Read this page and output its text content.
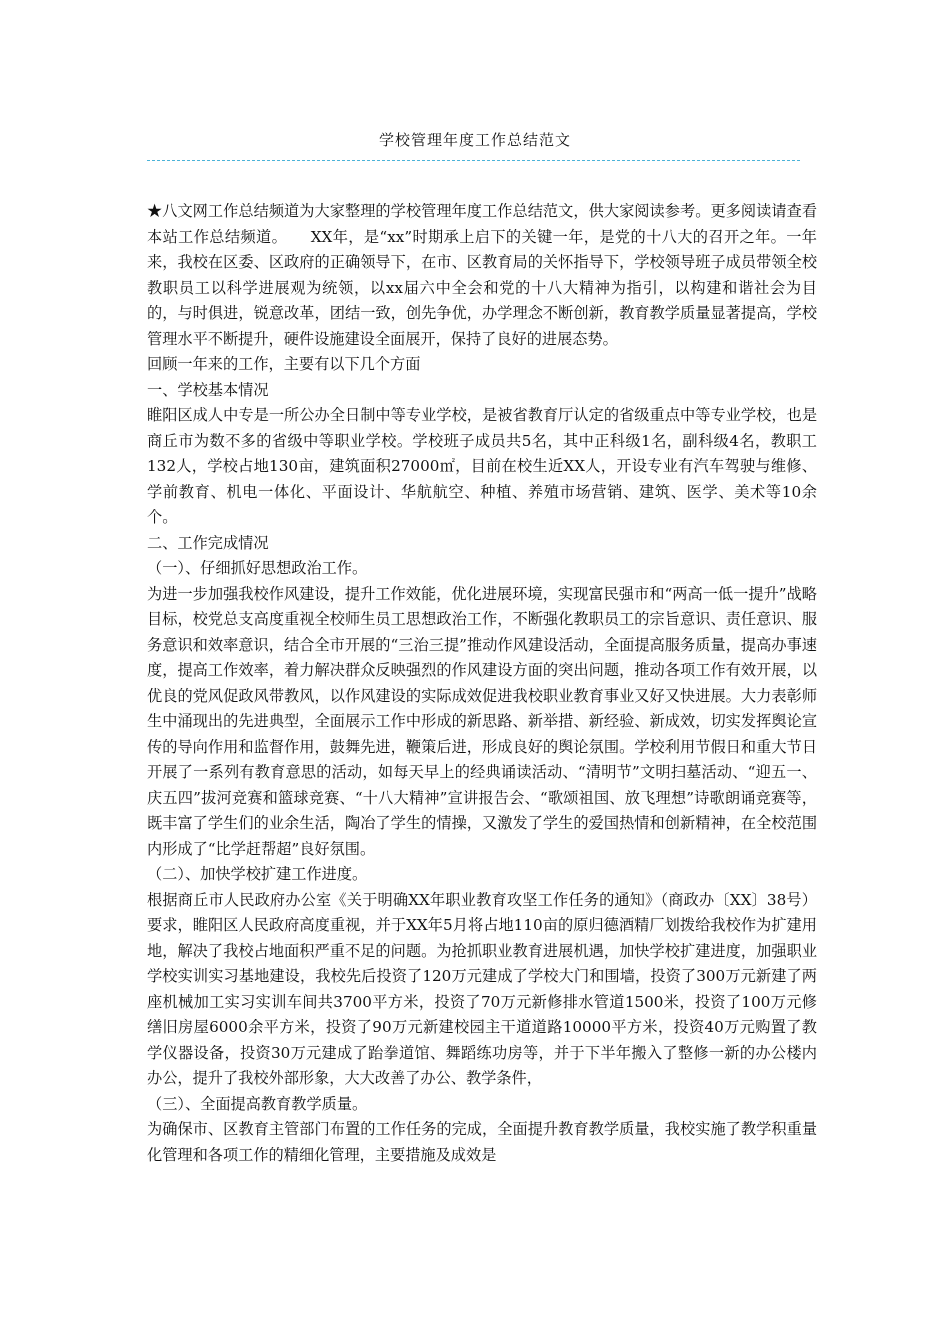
学校管理年度工作总结范文

★八文网工作总结频道为大家整理的学校管理年度工作总结范文，供大家阅读参考。更多阅读请查看本站工作总结频道。　　XX年，是“xx”时期承上启下的关键一年，是党的十八大的召开之年。一年来，我校在区委、区政府的正确领导下，在市、区教育局的关怀指导下，学校领导班子成员带领全校教职员工以科学进展观为统领，以xx届六中全会和党的十八大精神为指引，以构建和谐社会为目的，与时俱进，锐意改革，团结一致，创先争优，办学理念不断创新，教育教学质量显著提高，学校管理水平不断提升，硬件设施建设全面展开，保持了良好的进展态势。

回顾一年来的工作，主要有以下几个方面

一、学校基本情况

睢阳区成人中专是一所公办全日制中等专业学校，是被省教育厅认定的省级重点中等专业学校，也是商丘市为数不多的省级中等职业学校。学校班子成员共5名，其中正科级1名，副科级4名，教职工132人，学校占地130亩，建筑面积27000㎡，目前在校生近XX人，开设专业有汽车驾驶与维修、学前教育、机电一体化、平面设计、华航航空、种植、养殖市场营销、建筑、医学、美术等10余个。

二、工作完成情况

（一）、仔细抓好思想政治工作。

为进一步加强我校作风建设，提升工作效能，优化进展环境，实现富民强市和“两高一低一提升”战略目标，校党总支高度重视全校师生员工思想政治工作，不断强化教职员工的宗旨意识、责任意识、服务意识和效率意识，结合全市开展的“三治三提”推动作风建设活动，全面提高服务质量，提高办事速度，提高工作效率，着力解决群众反映强烈的作风建设方面的突出问题，推动各项工作有效开展，以优良的党风促政风带教风，以作风建设的实际成效促进我校职业教育事业又好又快进展。大力表彰师生中涌现出的先进典型，全面展示工作中形成的新思路、新举措、新经验、新成效，切实发挥舆论宣传的导向作用和监督作用，鼓舞先进，鞭策后进，形成良好的舆论氛围。学校利用节假日和重大节日开展了一系列有教育意思的活动，如每天早上的经典诵读活动、“清明节”文明扫墓活动、“迎五一、庆五四”拔河竞赛和篮球竞赛、“十八大精神”宣讲报告会、“歌颂祖国、放飞理想”诗歌朗诵竞赛等，既丰富了学生们的业余生活，陶冶了学生的情操，又激发了学生的爱国热情和创新精神，在全校范围内形成了“比学赶帮超”良好氛围。

（二）、加快学校扩建工作进度。

根据商丘市人民政府办公室《关于明确XX年职业教育攻坚工作任务的通知》（商政办〔XX〕38号）要求，睢阳区人民政府高度重视，并于XX年5月将占地110亩的原归德酒精厂划拨给我校作为扩建用地，解决了我校占地面积严重不足的问题。为抢抓职业教育进展机遇，加快学校扩建进度，加强职业学校实训实习基地建设，我校先后投资了120万元建成了学校大门和围墙，投资了300万元新建了两座机械加工实习实训车间共3700平方米，投资了70万元新修排水管道1500米，投资了100万元修缮旧房屋6000余平方米，投资了90万元新建校园主干道道路10000平方米，投资40万元购置了教学仪器设备，投资30万元建成了跆拳道馆、舞蹈练功房等，并于下半年搬入了整修一新的办公楼内办公，提升了我校外部形象，大大改善了办公、教学条件，

（三）、全面提高教育教学质量。

为确保市、区教育主管部门布置的工作任务的完成，全面提升教育教学质量，我校实施了教学积重量化管理和各项工作的精细化管理，主要措施及成效是
